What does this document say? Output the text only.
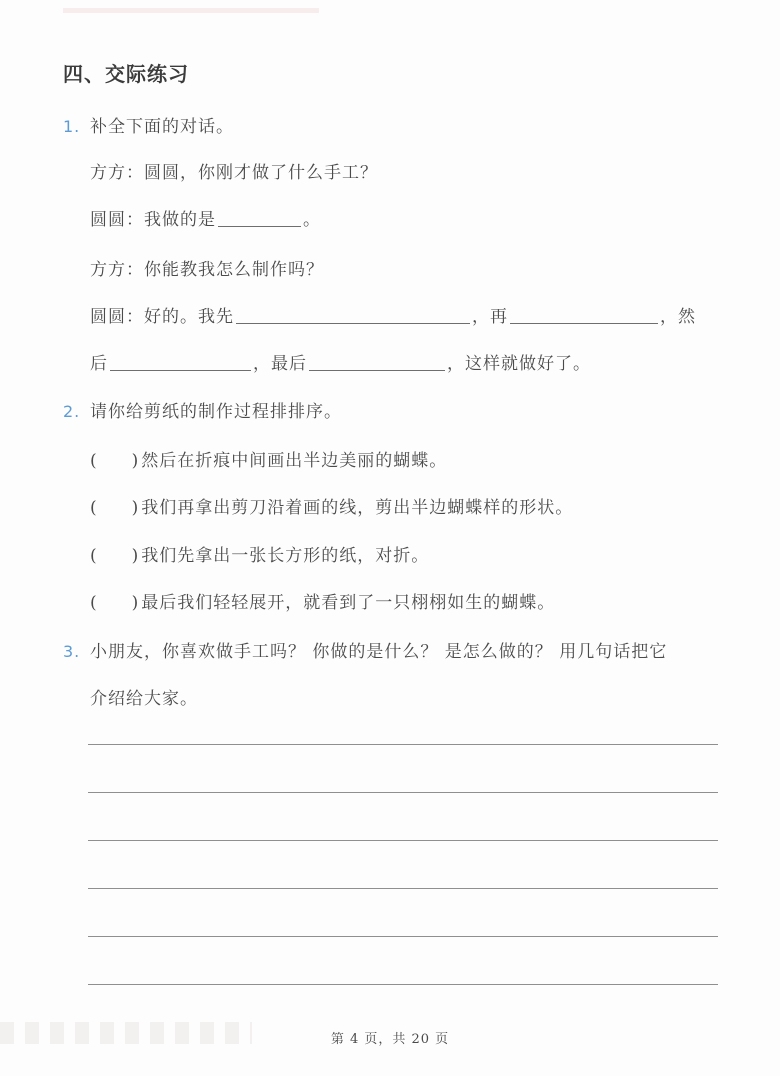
四、交际练习
1. 补全下面的对话。
方方：圆圆，你刚才做了什么手工？
圆圆：我做的是	。
方方：你能教我怎么制作吗？
圆圆：好的。我先	，再	，然
后	，最后	，这样就做好了。
2. 请你给剪纸的制作过程排排序。
( ) 然后在折痕中间画出半边美丽的蝴蝶。
( ) 我们再拿出剪刀沿着画的线，剪出半边蝴蝶样的形状。
( ) 我们先拿出一张长方形的纸，对折。
( ) 最后我们轻轻展开，就看到了一只栩栩如生的蝴蝶。
3. 小朋友，你喜欢做手工吗？ 你做的是什么？ 是怎么做的？ 用几句话把它
介绍给大家。
第 4 页，共 20 页
